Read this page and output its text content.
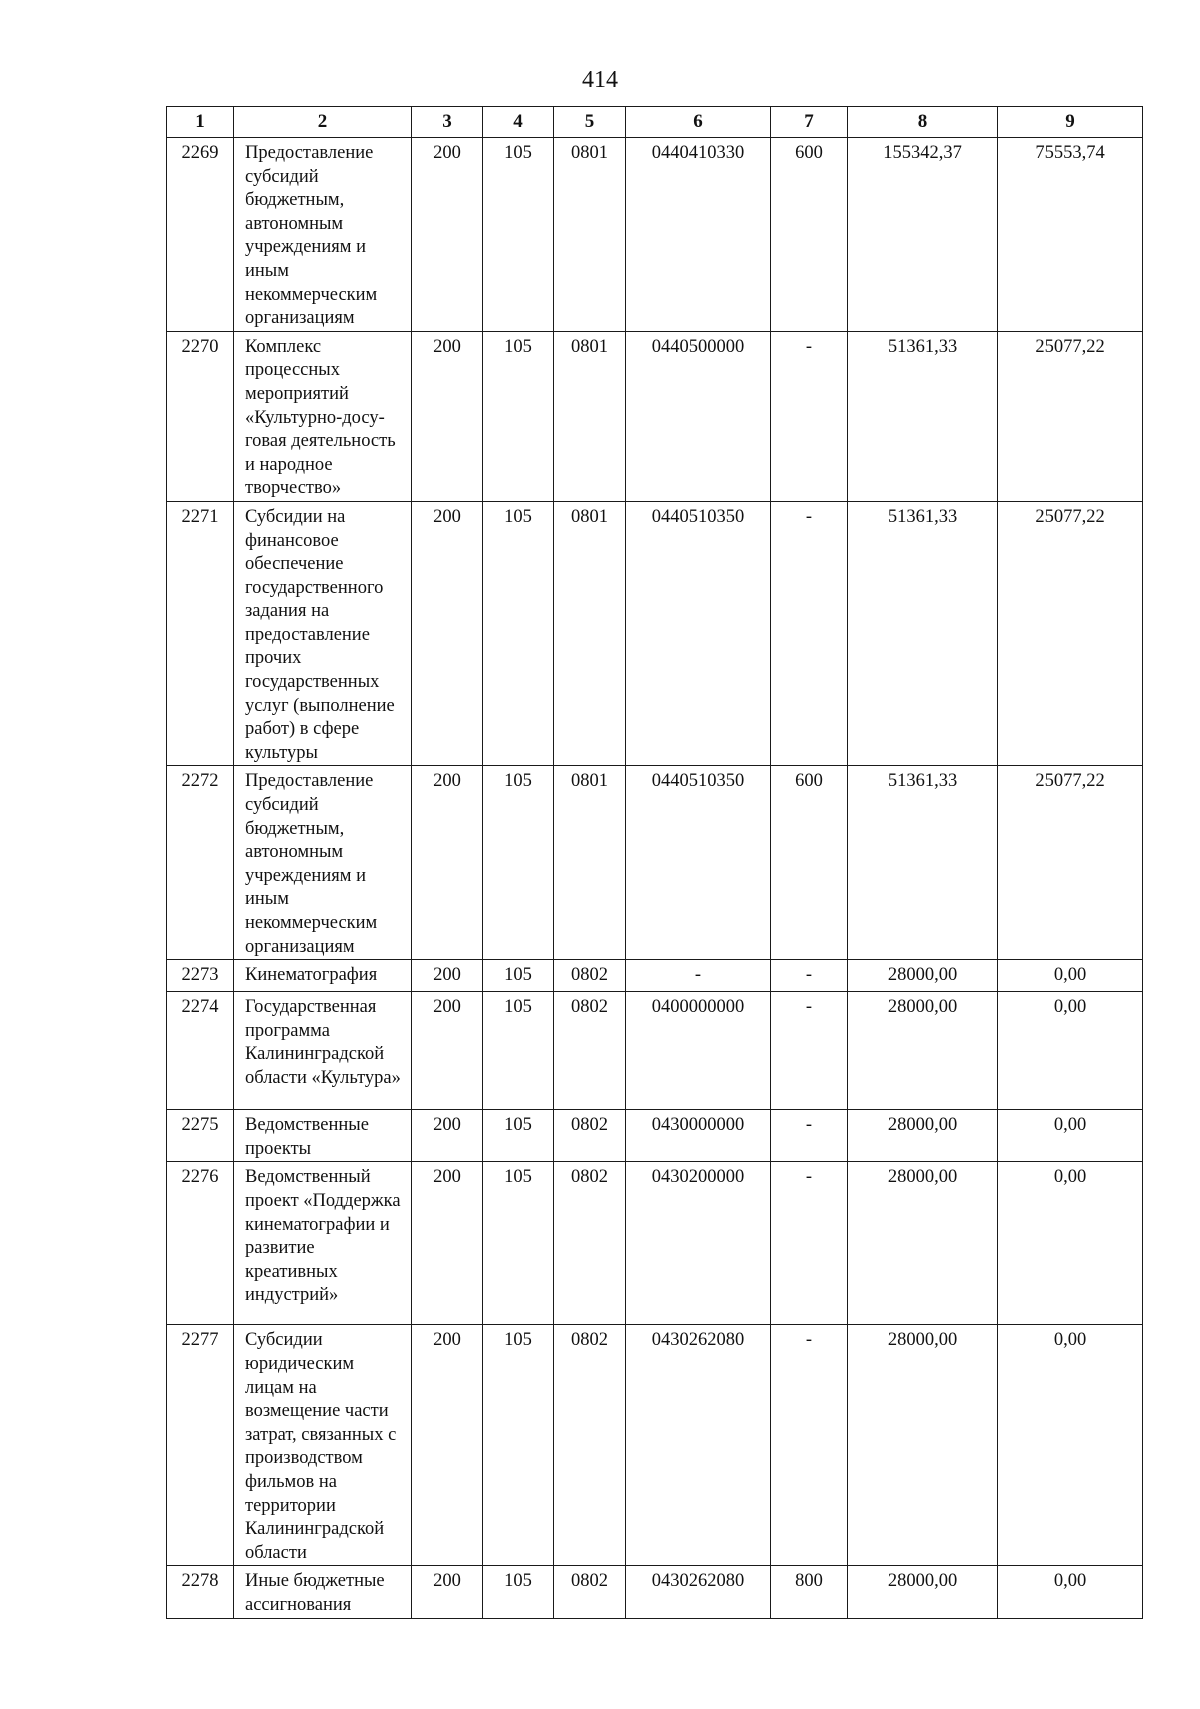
414
1	2	3	4	5	6	7	8	9
2269	Предоставление субсидий бюджетным, автономным учреждениям и иным некоммерческим организациям	200	105	0801	0440410330	600	155342,37	75553,74
2270	Комплекс процессных мероприятий «Культурно-досу-говая деятельность и народное творчество»	200	105	0801	0440500000	-	51361,33	25077,22
2271	Субсидии на финансовое обеспечение государственного задания на предоставление прочих государственных услуг (выполнение работ) в сфере культуры	200	105	0801	0440510350	-	51361,33	25077,22
2272	Предоставление субсидий бюджетным, автономным учреждениям и иным некоммерческим организациям	200	105	0801	0440510350	600	51361,33	25077,22
2273	Кинематография	200	105	0802	-	-	28000,00	0,00
2274	Государственная программа Калининградской области «Культура»	200	105	0802	0400000000	-	28000,00	0,00
2275	Ведомственные проекты	200	105	0802	0430000000	-	28000,00	0,00
2276	Ведомственный проект «Поддержка кинематографии и развитие креативных индустрий»	200	105	0802	0430200000	-	28000,00	0,00
2277	Субсидии юридическим лицам на возмещение части затрат, связанных с производством фильмов на территории Калининградской области	200	105	0802	0430262080	-	28000,00	0,00
2278	Иные бюджетные ассигнования	200	105	0802	0430262080	800	28000,00	0,00
